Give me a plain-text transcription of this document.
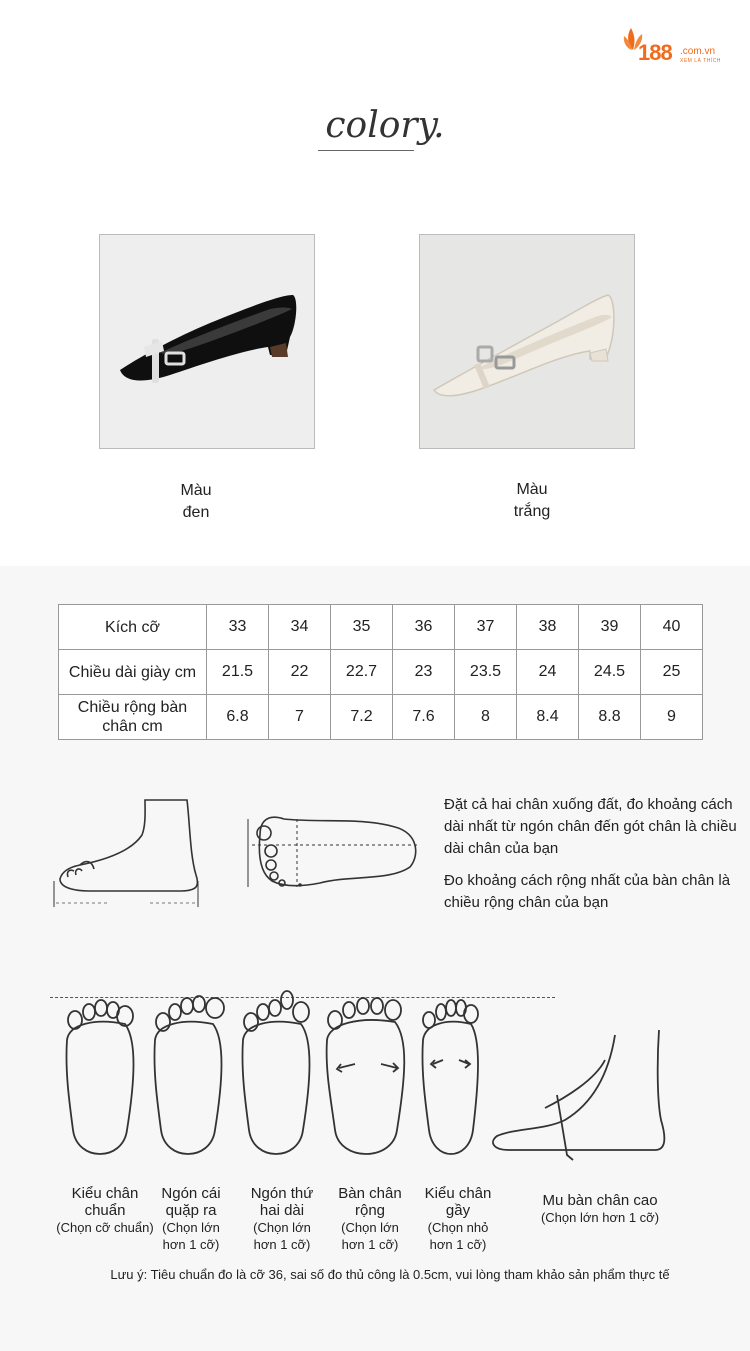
188 .com.vn
XEM LÀ THÍCH
colory.
Màu
đen
Màu
trắng
Kích cỡ	33	34	35	36	37	38	39	40
Chiều dài giày cm	21.5	22	22.7	23	23.5	24	24.5	25
Chiều rộng bàn chân cm	6.8	7	7.2	7.6	8	8.4	8.8	9

Đặt cả hai chân xuống đất, đo khoảng cách dài nhất từ ngón chân đến gót chân là chiều dài chân của bạn

Đo khoảng cách rộng nhất của bàn chân là chiều rộng chân của bạn

Kiểu chân chuẩn
(Chọn cỡ chuẩn)
Ngón cái quặp ra
(Chọn lớn hơn 1 cỡ)
Ngón thứ hai dài
(Chọn lớn hơn 1 cỡ)
Bàn chân rộng
(Chọn lớn hơn 1 cỡ)
Kiểu chân gầy
(Chọn nhỏ hơn 1 cỡ)
Mu bàn chân cao
(Chọn lớn hơn 1 cỡ)
Lưu ý: Tiêu chuẩn đo là cỡ 36, sai số đo thủ công là 0.5cm, vui lòng tham khảo sản phẩm thực tế
